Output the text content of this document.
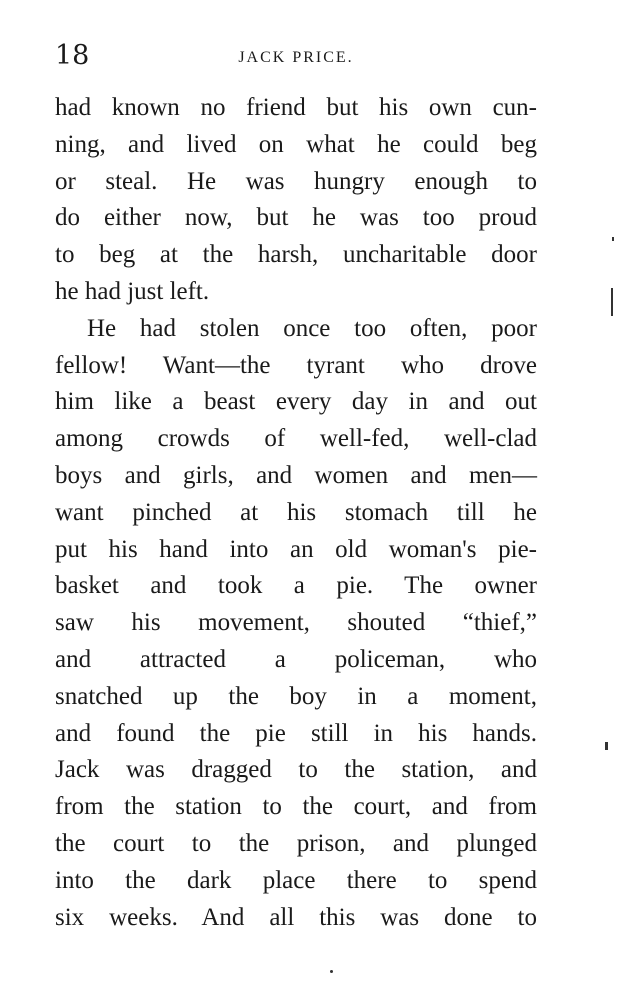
18	JACK PRICE.
had known no friend but his own cun-
ning, and lived on what he could beg
or steal. He was hungry enough to
do either now, but he was too proud
to beg at the harsh, uncharitable door
he had just left.
He had stolen once too often, poor
fellow! Want—the tyrant who drove
him like a beast every day in and out
among crowds of well-fed, well-clad
boys and girls, and women and men—
want pinched at his stomach till he
put his hand into an old woman's pie-
basket and took a pie. The owner
saw his movement, shouted “thief,”
and attracted a policeman, who
snatched up the boy in a moment,
and found the pie still in his hands.
Jack was dragged to the station, and
from the station to the court, and from
the court to the prison, and plunged
into the dark place there to spend
six weeks. And all this was done to
